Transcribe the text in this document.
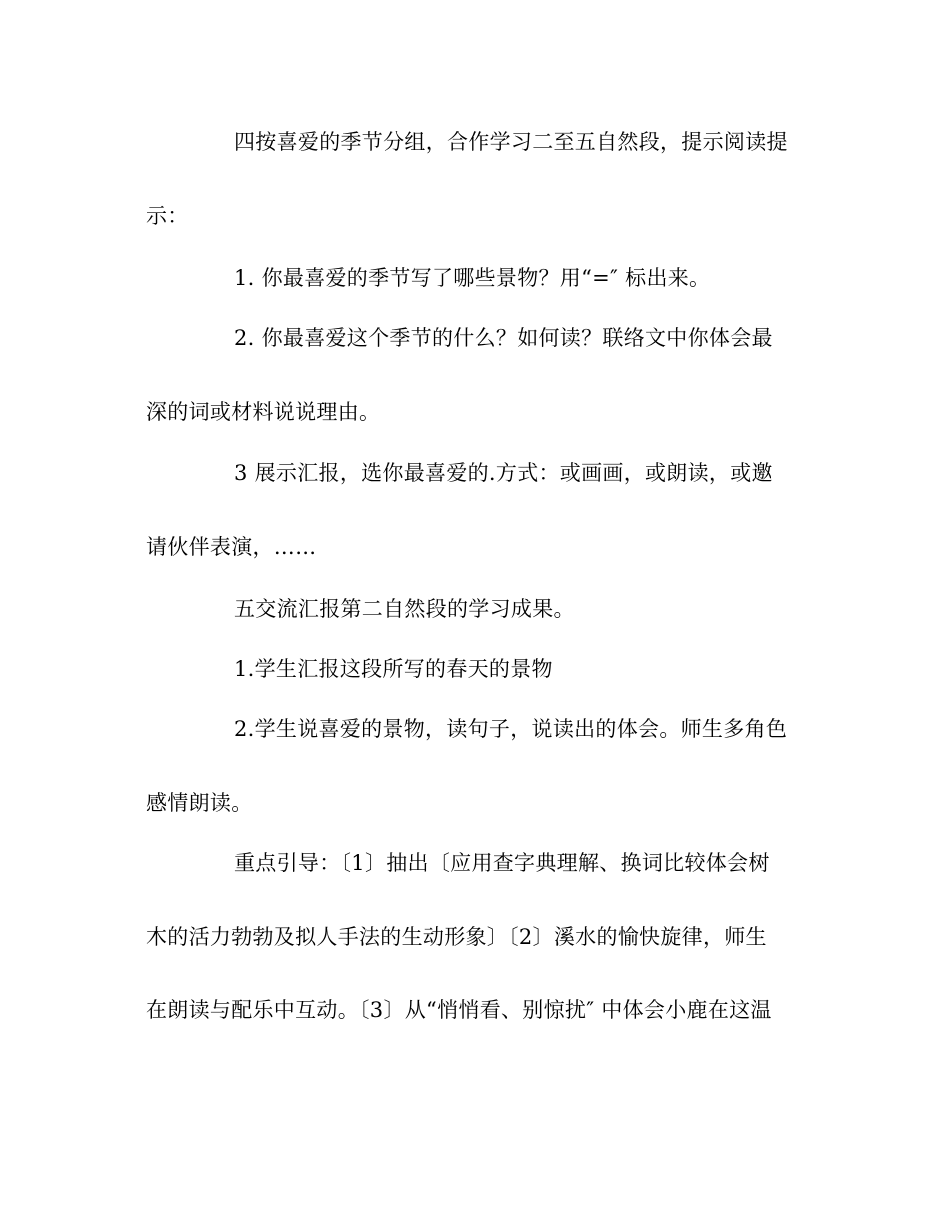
四按喜爱的季节分组，合作学习二至五自然段，提示阅读提
示：
1. 你最喜爱的季节写了哪些景物？用“=″ 标出来。
2. 你最喜爱这个季节的什么？如何读？联络文中你体会最
深的词或材料说说理由。
3 展示汇报，选你最喜爱的.方式：或画画，或朗读，或邀
请伙伴表演，……
五交流汇报第二自然段的学习成果。
1.学生汇报这段所写的春天的景物
2.学生说喜爱的景物，读句子，说读出的体会。师生多角色
感情朗读。
重点引导：〔1〕抽出〔应用查字典理解、换词比较体会树
木的活力勃勃及拟人手法的生动形象〕〔2〕溪水的愉快旋律，师生
在朗读与配乐中互动。〔3〕从“悄悄看、别惊扰″ 中体会小鹿在这温
